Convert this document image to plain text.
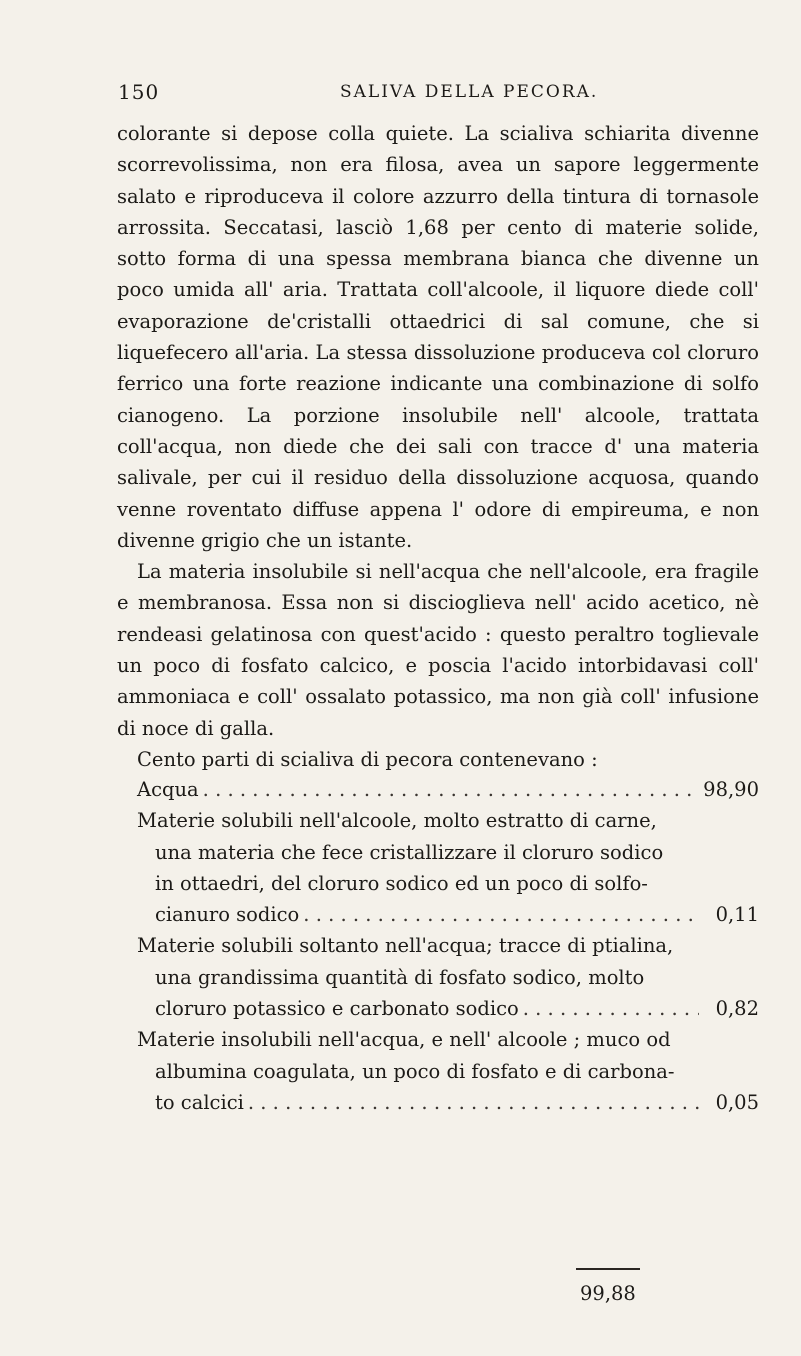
150	SALIVA DELLA PECORA.

colorante si depose colla quiete. La scialiva schiarita divenne scorrevolissima, non era filosa, avea un sapore leggermente salato e riproduceva il colore azzurro della tintura di tornasole arrossita. Seccatasi, lasciò 1,68 per cento di materie solide, sotto forma di una spessa membrana bianca che divenne un poco umida all' aria. Trattata coll'alcoole, il liquore diede coll' evaporazione de'cristalli ottaedrici di sal comune, che si liquefecero all'aria. La stessa dissoluzione produceva col cloruro ferrico una forte reazione indicante una combinazione di solfo cianogeno. La porzione insolubile nell' alcoole, trattata coll'acqua, non diede che dei sali con tracce d' una materia salivale, per cui il residuo della dissoluzione acquosa, quando venne roventato diffuse appena l' odore di empireuma, e non divenne grigio che un istante.

La materia insolubile si nell'acqua che nell'alcoole, era fragile e membranosa. Essa non si discioglieva nell' acido acetico, nè rendeasi gelatinosa con quest'acido : questo peraltro toglievale un poco di fosfato calcico, e poscia l'acido intorbidavasi coll' ammoniaca e coll' ossalato potassico, ma non già coll' infusione di noce di galla.

Cento parti di scialiva di pecora contenevano :

Acqua . . .	98,90
Materie solubili nell'alcoole, molto estratto di carne,
una materia che fece cristallizzare il cloruro sodico
in ottaedri, del cloruro sodico ed un poco di solfo-
cianuro sodico . . .	0,11
Materie solubili soltanto nell'acqua; tracce di ptialina,
una grandissima quantità di fosfato sodico, molto
cloruro potassico e carbonato sodico . . .	0,82
Materie insolubili nell'acqua, e nell' alcoole ; muco od
albumina coagulata, un poco di fosfato e di carbona-
to calcici . . .	0,05
99,88
